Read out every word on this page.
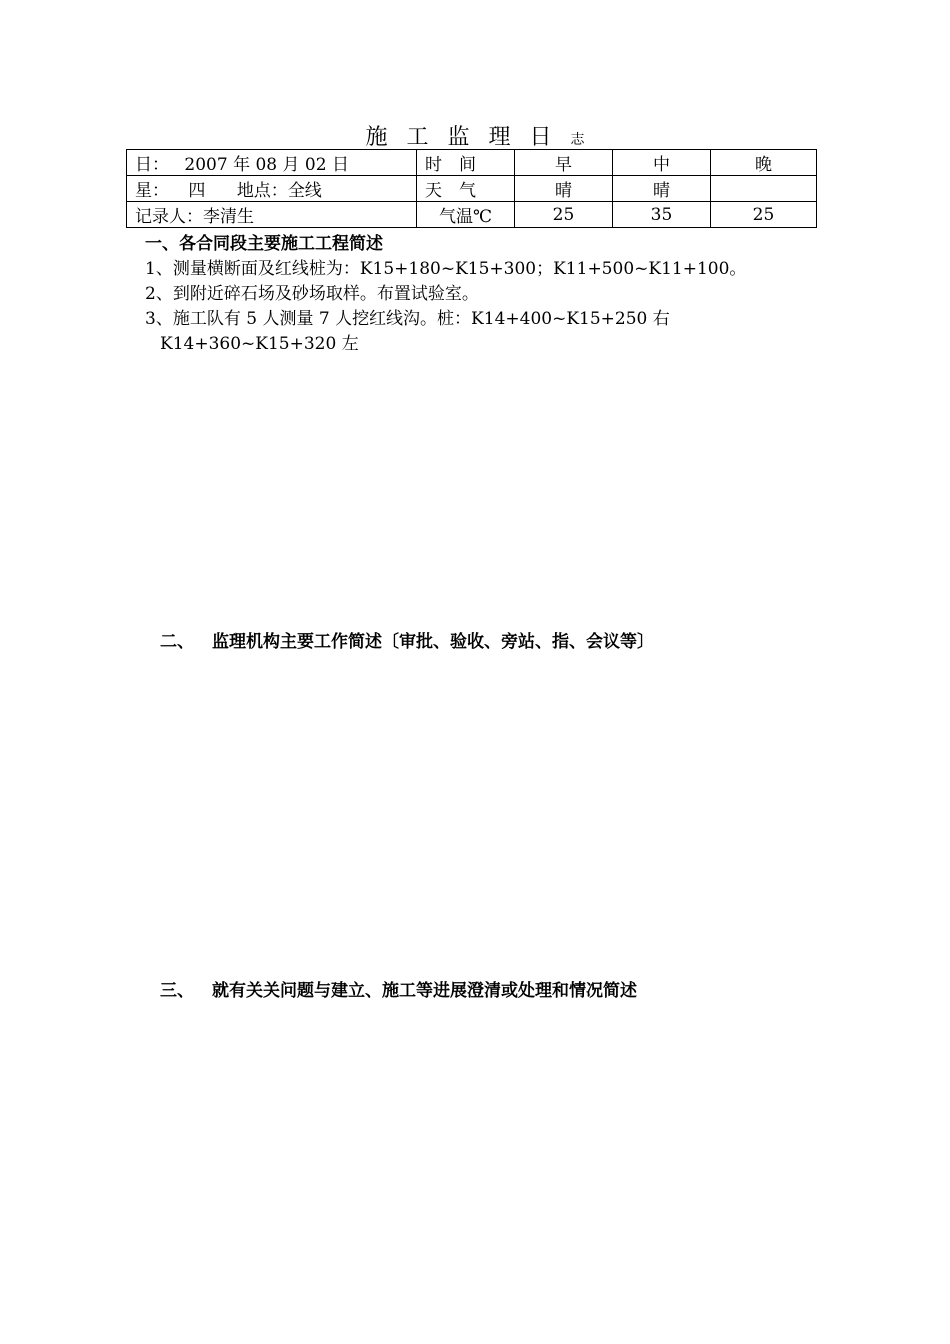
施 工 监 理 日 志
日： 2007 年 08 月 02 日	时　间	早	中	晚
星： 四 地点：全线	天　气	晴	晴	
记录人：李清生	气温℃	25	35	25
一、各合同段主要施工工程简述
1、测量横断面及红线桩为：K15+180~K15+300；K11+500~K11+100。
2、到附近碎石场及砂场取样。布置试验室。
3、施工队有 5 人测量 7 人挖红线沟。桩：K14+400~K15+250 右
K14+360~K15+320 左
二、 监理机构主要工作简述〔审批、验收、旁站、指、会议等〕
三、 就有关关问题与建立、施工等进展澄清或处理和情况简述
